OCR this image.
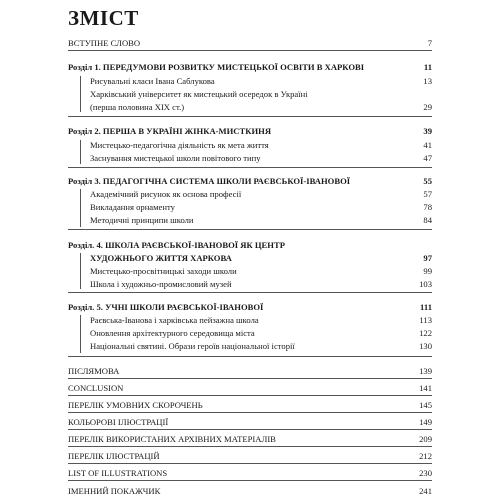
ЗМІСТ
ВСТУПНЕ СЛОВО	7
Розділ 1. ПЕРЕДУМОВИ РОЗВИТКУ МИСТЕЦЬКОЇ ОСВІТИ В ХАРКОВІ	11
Рисувальні класи Івана Саблукова	13
Харківський університет як мистецький осередок в Україні
(перша половина XIX ст.)	29
Розділ 2. ПЕРША В УКРАЇНІ ЖІНКА-МИСТКИНЯ	39
Мистецько-педагогічна діяльність як мета життя	41
Заснування мистецької школи повітового типу	47
Розділ 3. ПЕДАГОГІЧНА СИСТЕМА ШКОЛИ РАЄВСЬКОЇ-ІВАНОВОЇ	55
Академічний рисунок як основа професії	57
Викладання орнаменту	78
Методичні принципи школи	84
Розділ. 4. ШКОЛА РАЄВСЬКОЇ-ІВАНОВОЇ ЯК ЦЕНТР
ХУДОЖНЬОГО ЖИТТЯ ХАРКОВА	97
Мистецько-просвітницькі заходи школи	99
Школа і художньо-промисловий музей	103
Розділ. 5. УЧНІ ШКОЛИ РАЄВСЬКОЇ-ІВАНОВОЇ	111
Раєвська-Іванова і харківська пейзажна школа	113
Оновлення архітектурного середовища міста	122
Національні святині. Образи героїв національної історії	130
ПІСЛЯМОВА	139
CONCLUSION	141
ПЕРЕЛІК УМОВНИХ СКОРОЧЕНЬ	145
КОЛЬОРОВІ ІЛЮСТРАЦІЇ	149
ПЕРЕЛІК ВИКОРИСТАНИХ АРХІВНИХ МАТЕРІАЛІВ	209
ПЕРЕЛІК ІЛЮСТРАЦІЙ	212
LIST OF ILLUSTRATIONS	230
ІМЕННИЙ ПОКАЖЧИК	241
